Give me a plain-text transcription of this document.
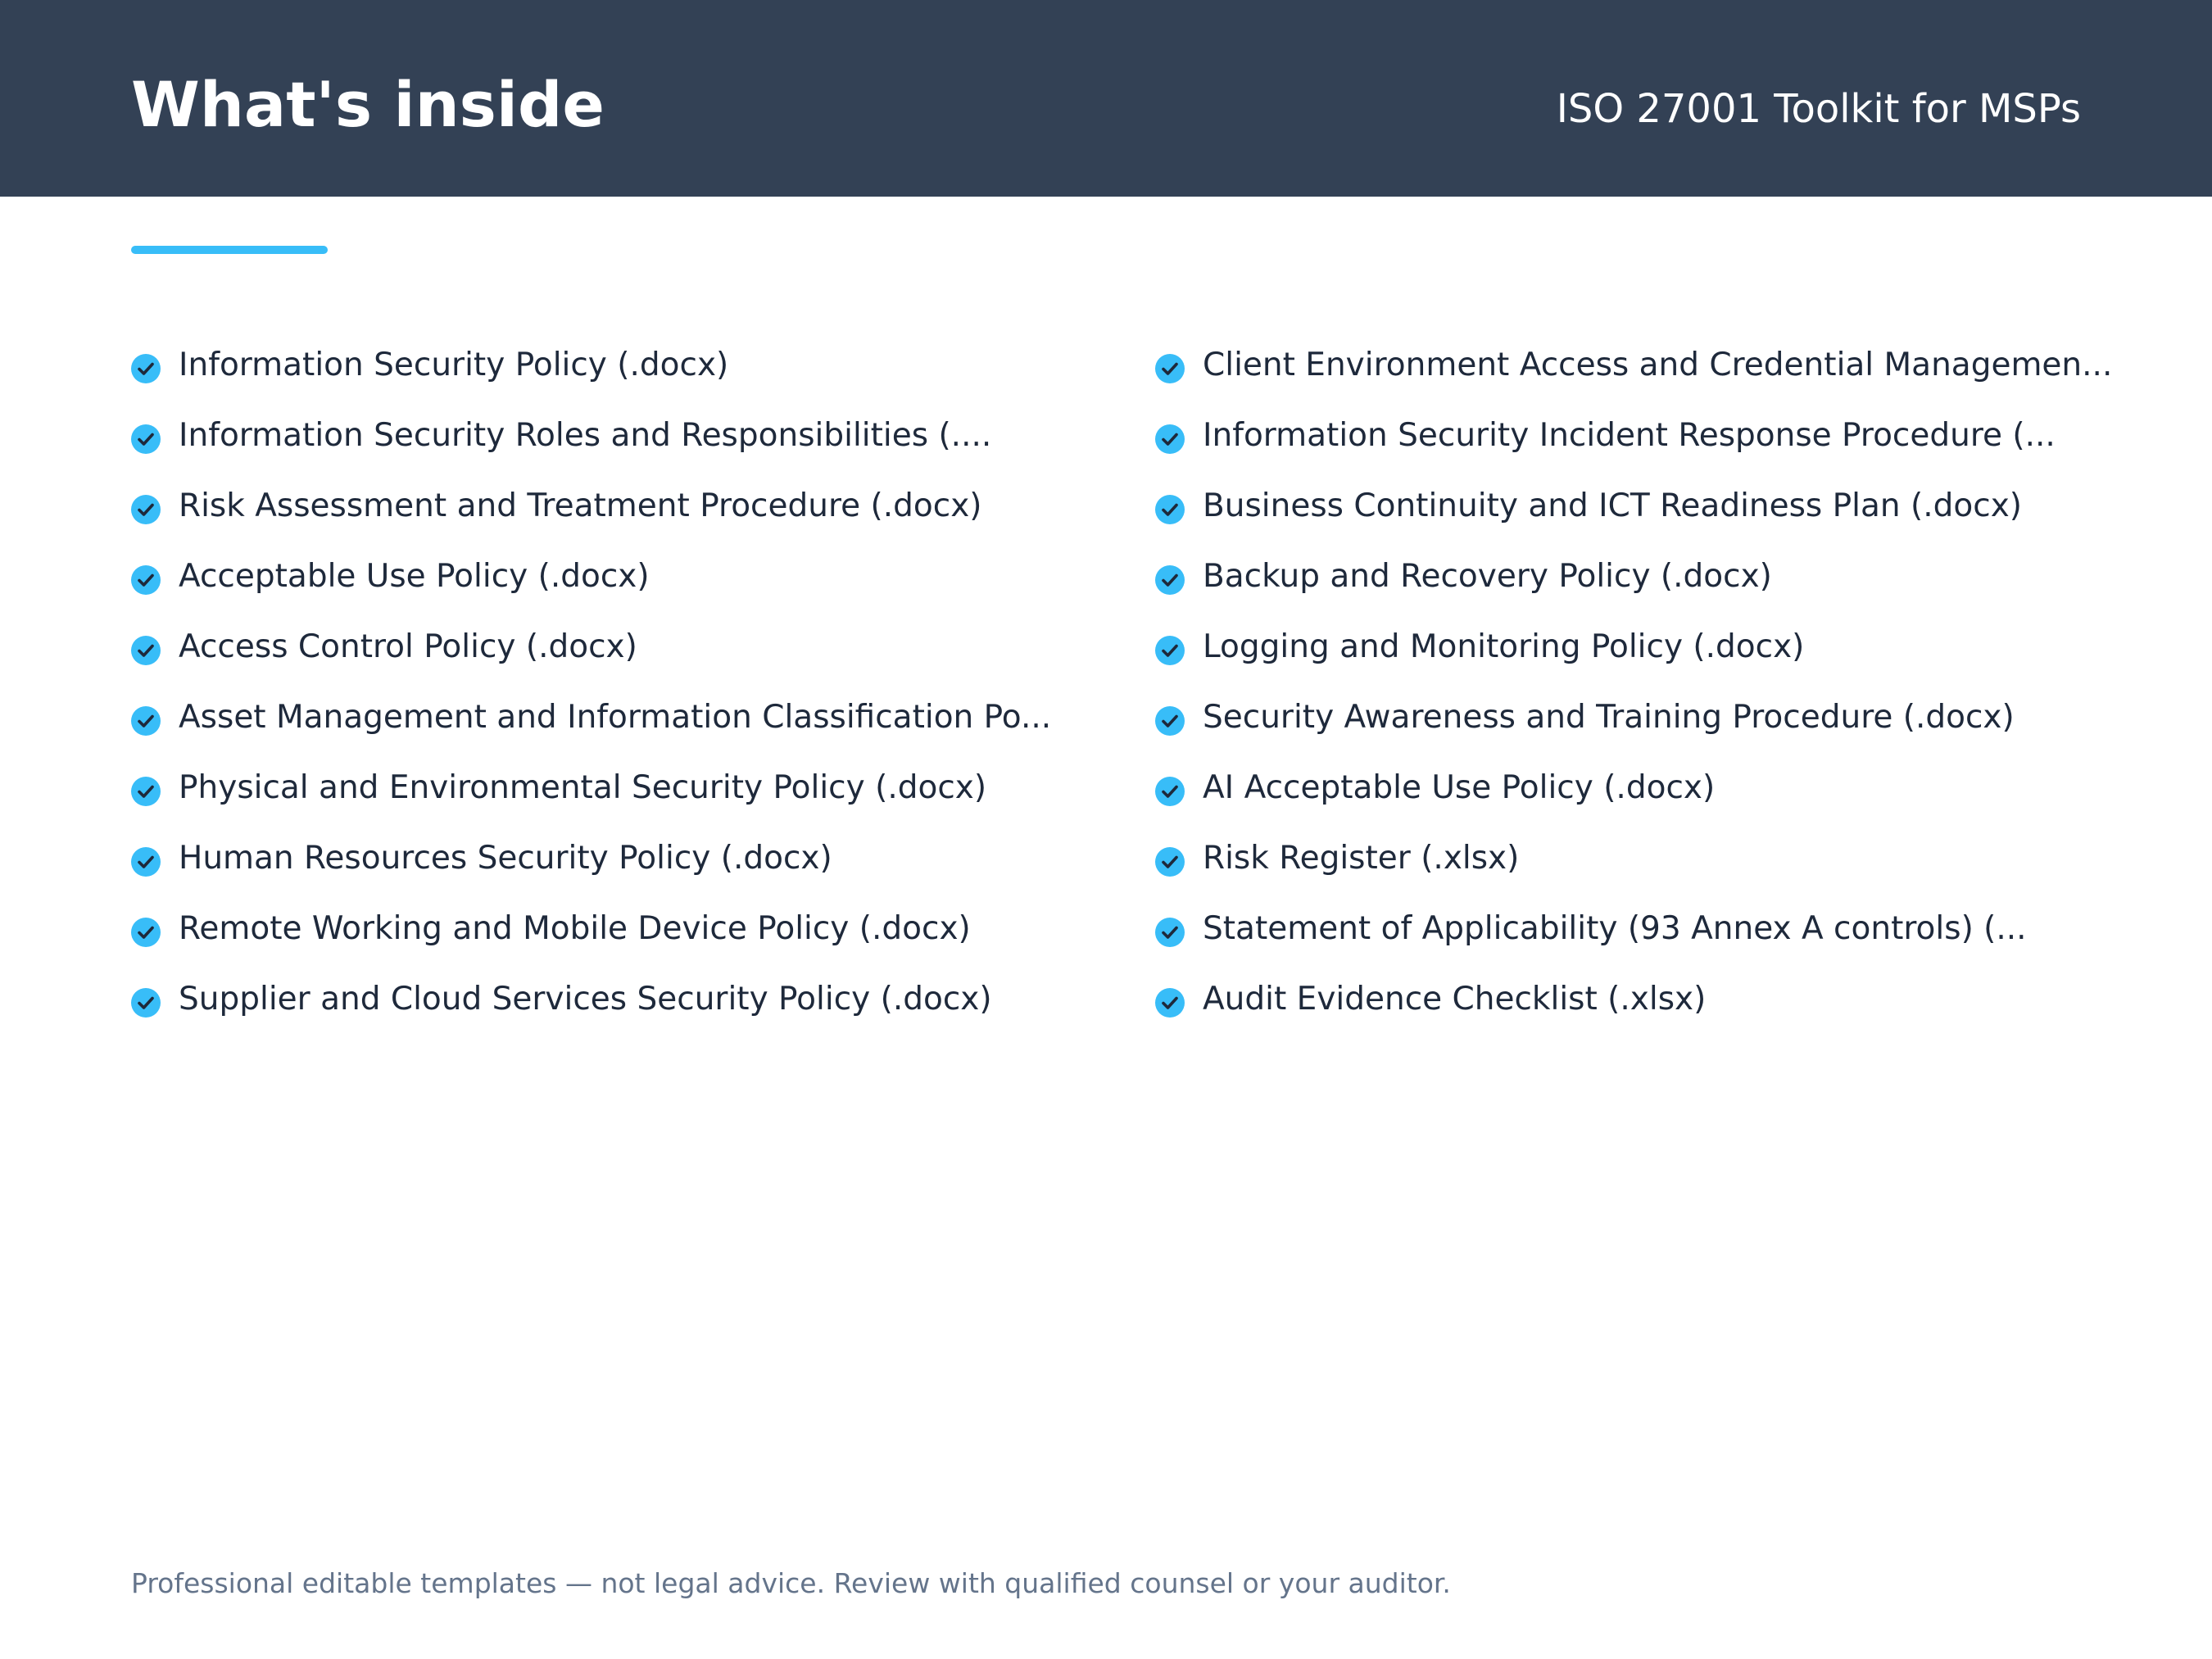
What's inside	ISO 27001 Toolkit for MSPs
Information Security Policy (.docx)
Information Security Roles and Responsibilities (....
Risk Assessment and Treatment Procedure (.docx)
Acceptable Use Policy (.docx)
Access Control Policy (.docx)
Asset Management and Information Classification Po...
Physical and Environmental Security Policy (.docx)
Human Resources Security Policy (.docx)
Remote Working and Mobile Device Policy (.docx)
Supplier and Cloud Services Security Policy (.docx)
Client Environment Access and Credential Managemen...
Information Security Incident Response Procedure (...
Business Continuity and ICT Readiness Plan (.docx)
Backup and Recovery Policy (.docx)
Logging and Monitoring Policy (.docx)
Security Awareness and Training Procedure (.docx)
AI Acceptable Use Policy (.docx)
Risk Register (.xlsx)
Statement of Applicability (93 Annex A controls) (...
Audit Evidence Checklist (.xlsx)
Professional editable templates — not legal advice. Review with qualified counsel or your auditor.
